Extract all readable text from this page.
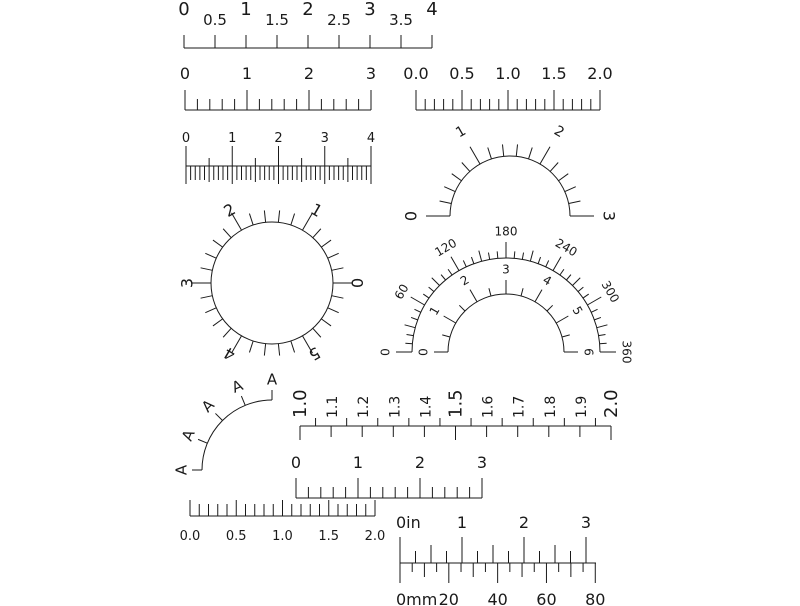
0 0.5 1 1.5 2 2.5 3 3.5 4
0	1	2	3 0.0 0.5 1.0 1.5 2.0
0	1	2	3	4
0
1	2
3
0
1
2
3
4	5	0 0
60
1
120
2
180
3
240
4	300
5
360
6
A
A
A
A A
1.0 1.1 1.2 1.3 1.4 1.5 1.6 1.7 1.8 1.9 2.0
0	1	2	3
0.0 0.5 1.0 1.5 2.0
0in 1	2	3
0mm 20 40 60 80
